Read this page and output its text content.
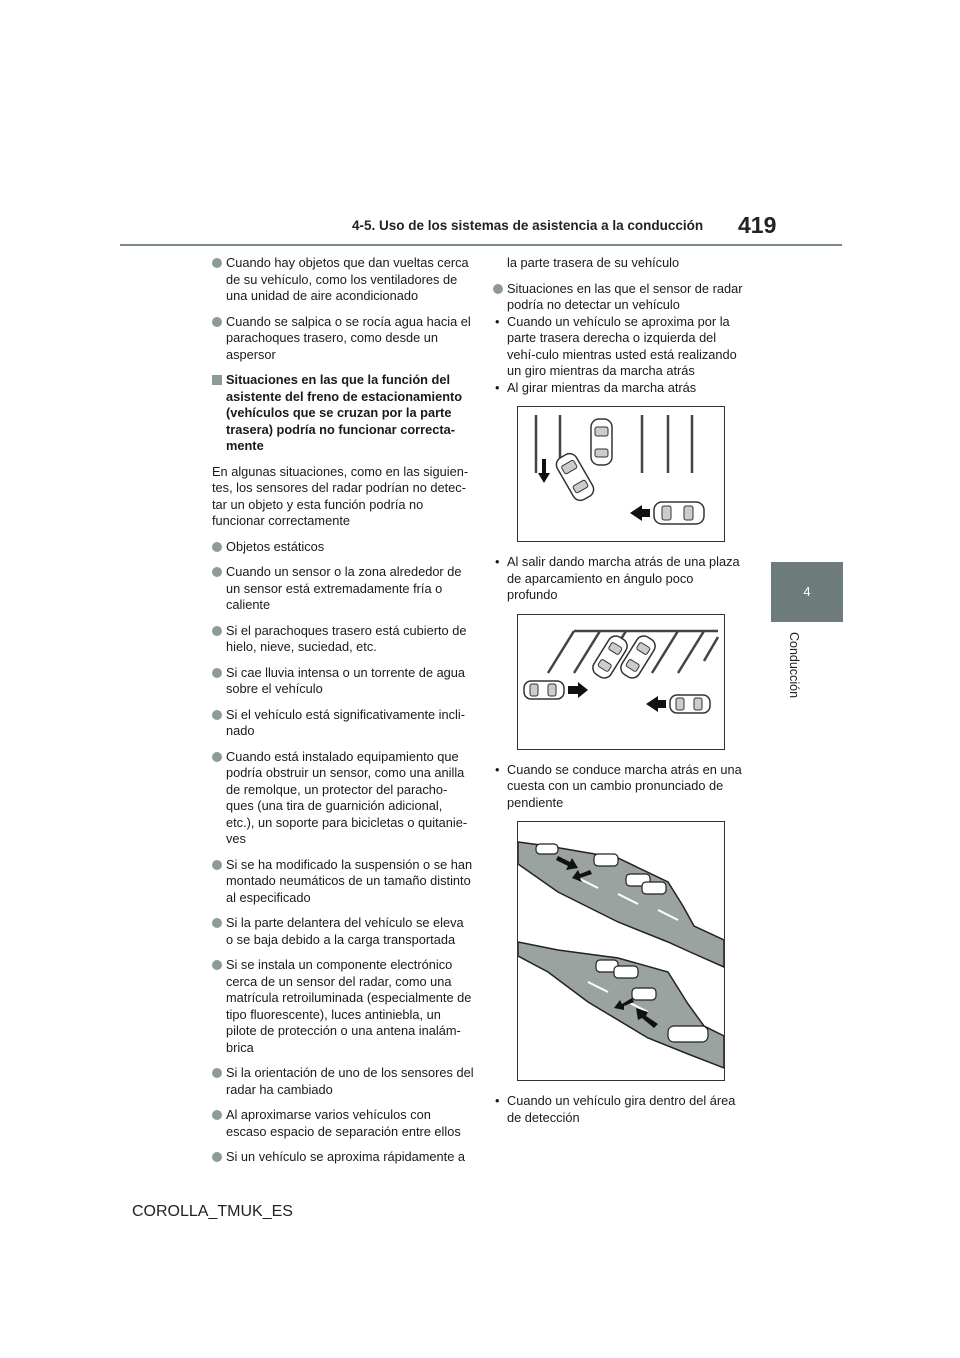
4-5. Uso de los sistemas de asistencia a la conducción 419
4
Conducción
Cuando hay objetos que dan vueltas cerca de su vehículo, como los ventiladores de una unidad de aire acondicionado
Cuando se salpica o se rocía agua hacia el parachoques trasero, como desde un aspersor
Situaciones en las que la función del asistente del freno de estacionamiento (vehículos que se cruzan por la parte trasera) podría no funcionar correcta-mente
En algunas situaciones, como en las siguien-tes, los sensores del radar podrían no detec-tar un objeto y esta función podría no funcionar correctamente
Objetos estáticos
Cuando un sensor o la zona alrededor de un sensor está extremadamente fría o caliente
Si el parachoques trasero está cubierto de hielo, nieve, suciedad, etc.
Si cae lluvia intensa o un torrente de agua sobre el vehículo
Si el vehículo está significativamente incli-nado
Cuando está instalado equipamiento que podría obstruir un sensor, como una anilla de remolque, un protector del paracho-ques (una tira de guarnición adicional, etc.), un soporte para bicicletas o quitanie-ves
Si se ha modificado la suspensión o se han montado neumáticos de un tamaño distinto al especificado
Si la parte delantera del vehículo se eleva o se baja debido a la carga transportada
Si se instala un componente electrónico cerca de un sensor del radar, como una matrícula retroiluminada (especialmente de tipo fluorescente), luces antiniebla, un pilote de protección o una antena inalám-brica
Si la orientación de uno de los sensores del radar ha cambiado
Al aproximarse varios vehículos con escaso espacio de separación entre ellos
Si un vehículo se aproxima rápidamente a
la parte trasera de su vehículo
Situaciones en las que el sensor de radar podría no detectar un vehículo
• Cuando un vehículo se aproxima por la parte trasera derecha o izquierda del vehí-culo mientras usted está realizando un giro mientras da marcha atrás
• Al girar mientras da marcha atrás
• Al salir dando marcha atrás de una plaza de aparcamiento en ángulo poco profundo
• Cuando se conduce marcha atrás en una cuesta con un cambio pronunciado de pendiente
• Cuando un vehículo gira dentro del área de detección
COROLLA_TMUK_ES
